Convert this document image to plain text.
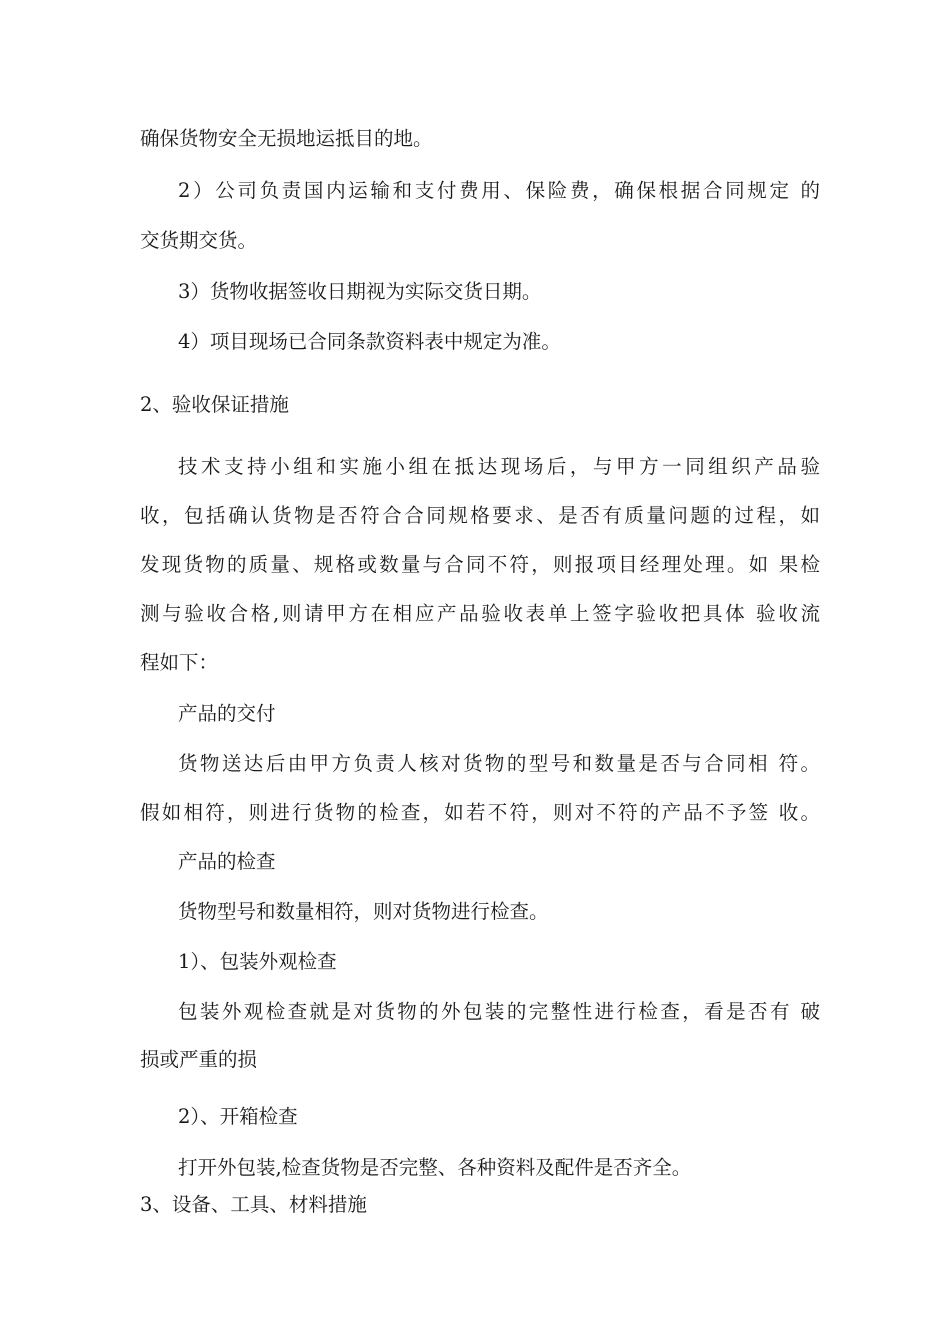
确保货物安全无损地运抵目的地。
2）公司负责国内运输和支付费用、保险费，确保根据合同规定 的
交货期交货。
3）货物收据签收日期视为实际交货日期。
4）项目现场已合同条款资料表中规定为准。
2、验收保证措施
技术支持小组和实施小组在抵达现场后，与甲方一同组织产品验
收，包括确认货物是否符合合同规格要求、是否有质量问题的过程，如
发现货物的质量、规格或数量与合同不符，则报项目经理处理。如 果检
测与验收合格,则请甲方在相应产品验收表单上签字验收把具体 验收流
程如下：
产品的交付
货物送达后由甲方负责人核对货物的型号和数量是否与合同相 符。
假如相符，则进行货物的检查，如若不符，则对不符的产品不予签 收。
产品的检查
货物型号和数量相符，则对货物进行检查。
1）、包装外观检查
包装外观检查就是对货物的外包装的完整性进行检查，看是否有 破
损或严重的损
2）、开箱检查
打开外包装,检查货物是否完整、各种资料及配件是否齐全。
3、设备、工具、材料措施
